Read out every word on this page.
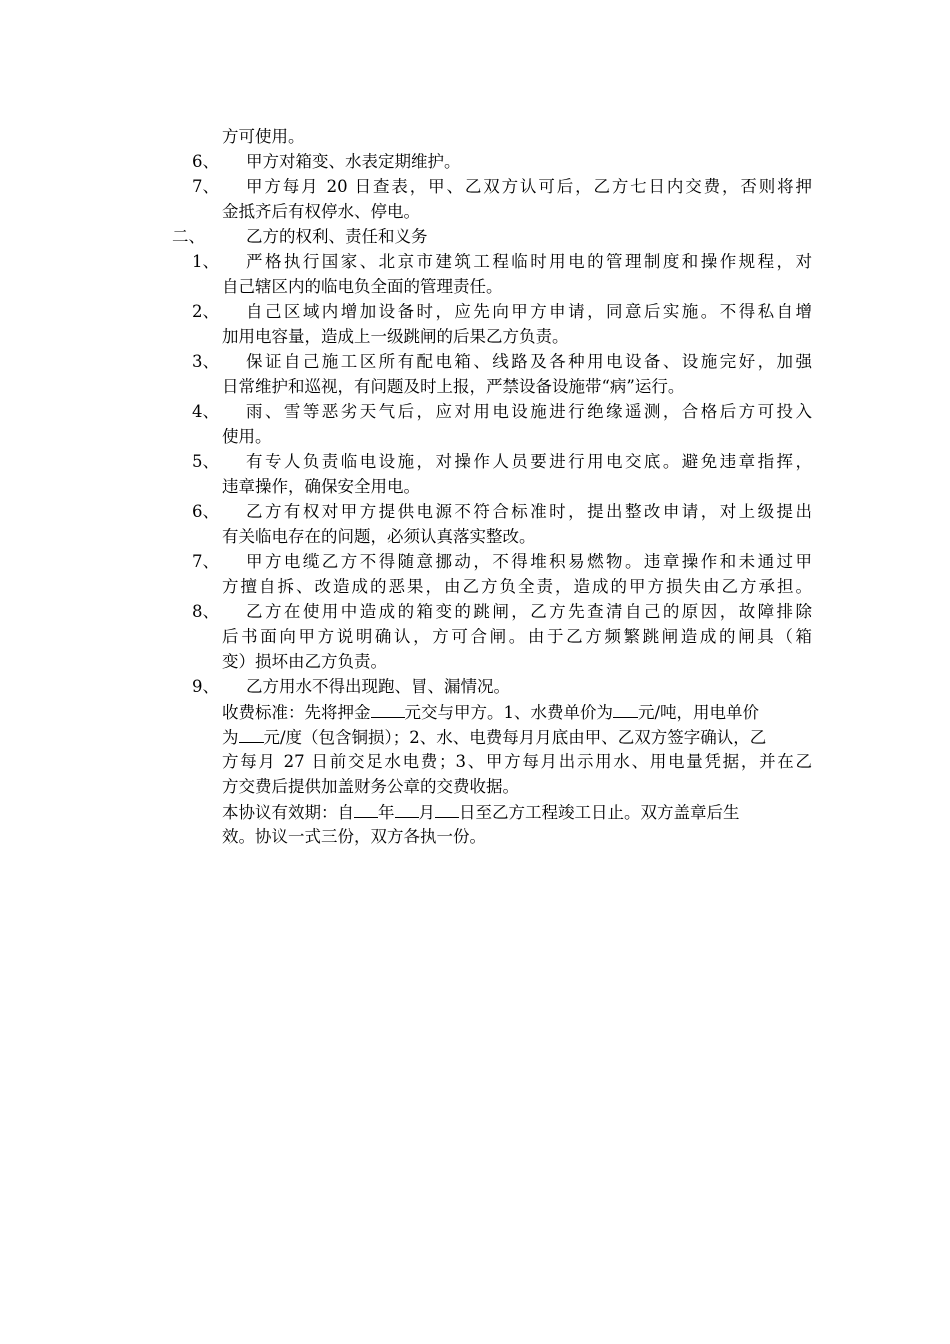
方可使用。
6、 甲方对箱变、水表定期维护。
7、 甲方每月 20 日查表，甲、乙双方认可后，乙方七日内交费，否则将押
金抵齐后有权停水、停电。
二、 乙方的权利、责任和义务
1、 严格执行国家、北京市建筑工程临时用电的管理制度和操作规程，对
自己辖区内的临电负全面的管理责任。
2、 自己区域内增加设备时，应先向甲方申请，同意后实施。不得私自增
加用电容量，造成上一级跳闸的后果乙方负责。
3、 保证自己施工区所有配电箱、线路及各种用电设备、设施完好，加强
日常维护和巡视，有问题及时上报，严禁设备设施带“病”运行。
4、 雨、雪等恶劣天气后，应对用电设施进行绝缘遥测，合格后方可投入
使用。
5、 有专人负责临电设施，对操作人员要进行用电交底。避免违章指挥，
违章操作，确保安全用电。
6、 乙方有权对甲方提供电源不符合标准时，提出整改申请，对上级提出
有关临电存在的问题，必须认真落实整改。
7、 甲方电缆乙方不得随意挪动，不得堆积易燃物。违章操作和未通过甲
方擅自拆、改造成的恶果，由乙方负全责，造成的甲方损失由乙方承担。
8、 乙方在使用中造成的箱变的跳闸，乙方先查清自己的原因，故障排除
后书面向甲方说明确认，方可合闸。由于乙方频繁跳闸造成的闸具（箱
变）损坏由乙方负责。
9、 乙方用水不得出现跑、冒、漏情况。
收费标准：先将押金 元交与甲方。1、水费单价为 元/吨，用电单价
为 元/度（包含铜损）；2、水、电费每月月底由甲、乙双方签字确认，乙
方每月 27 日前交足水电费；3、甲方每月出示用水、用电量凭据，并在乙
方交费后提供加盖财务公章的交费收据。
本协议有效期：自 年 月 日至乙方工程竣工日止。双方盖章后生
效。协议一式三份，双方各执一份。
